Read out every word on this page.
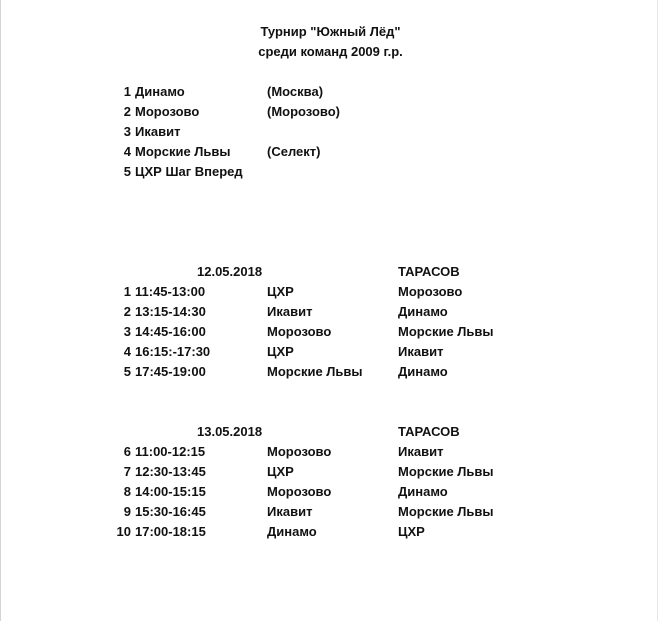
Турнир "Южный Лёд"
среди команд 2009 г.р.
1 Динамо	(Москва)
2 Морозово	(Морозово)
3 Икавит
4 Морские Львы	(Селект)
5 ЦХР Шаг Вперед
12.05.2018	ТАРАСОВ
1 11:45-13:00	ЦХР	Морозово
2 13:15-14:30	Икавит	Динамо
3 14:45-16:00	Морозово	Морские Львы
4 16:15:-17:30	ЦХР	Икавит
5 17:45-19:00	Морские Львы	Динамо
13.05.2018	ТАРАСОВ
6 11:00-12:15	Морозово	Икавит
7 12:30-13:45	ЦХР	Морские Львы
8 14:00-15:15	Морозово	Динамо
9 15:30-16:45	Икавит	Морские Львы
10 17:00-18:15	Динамо	ЦХР
